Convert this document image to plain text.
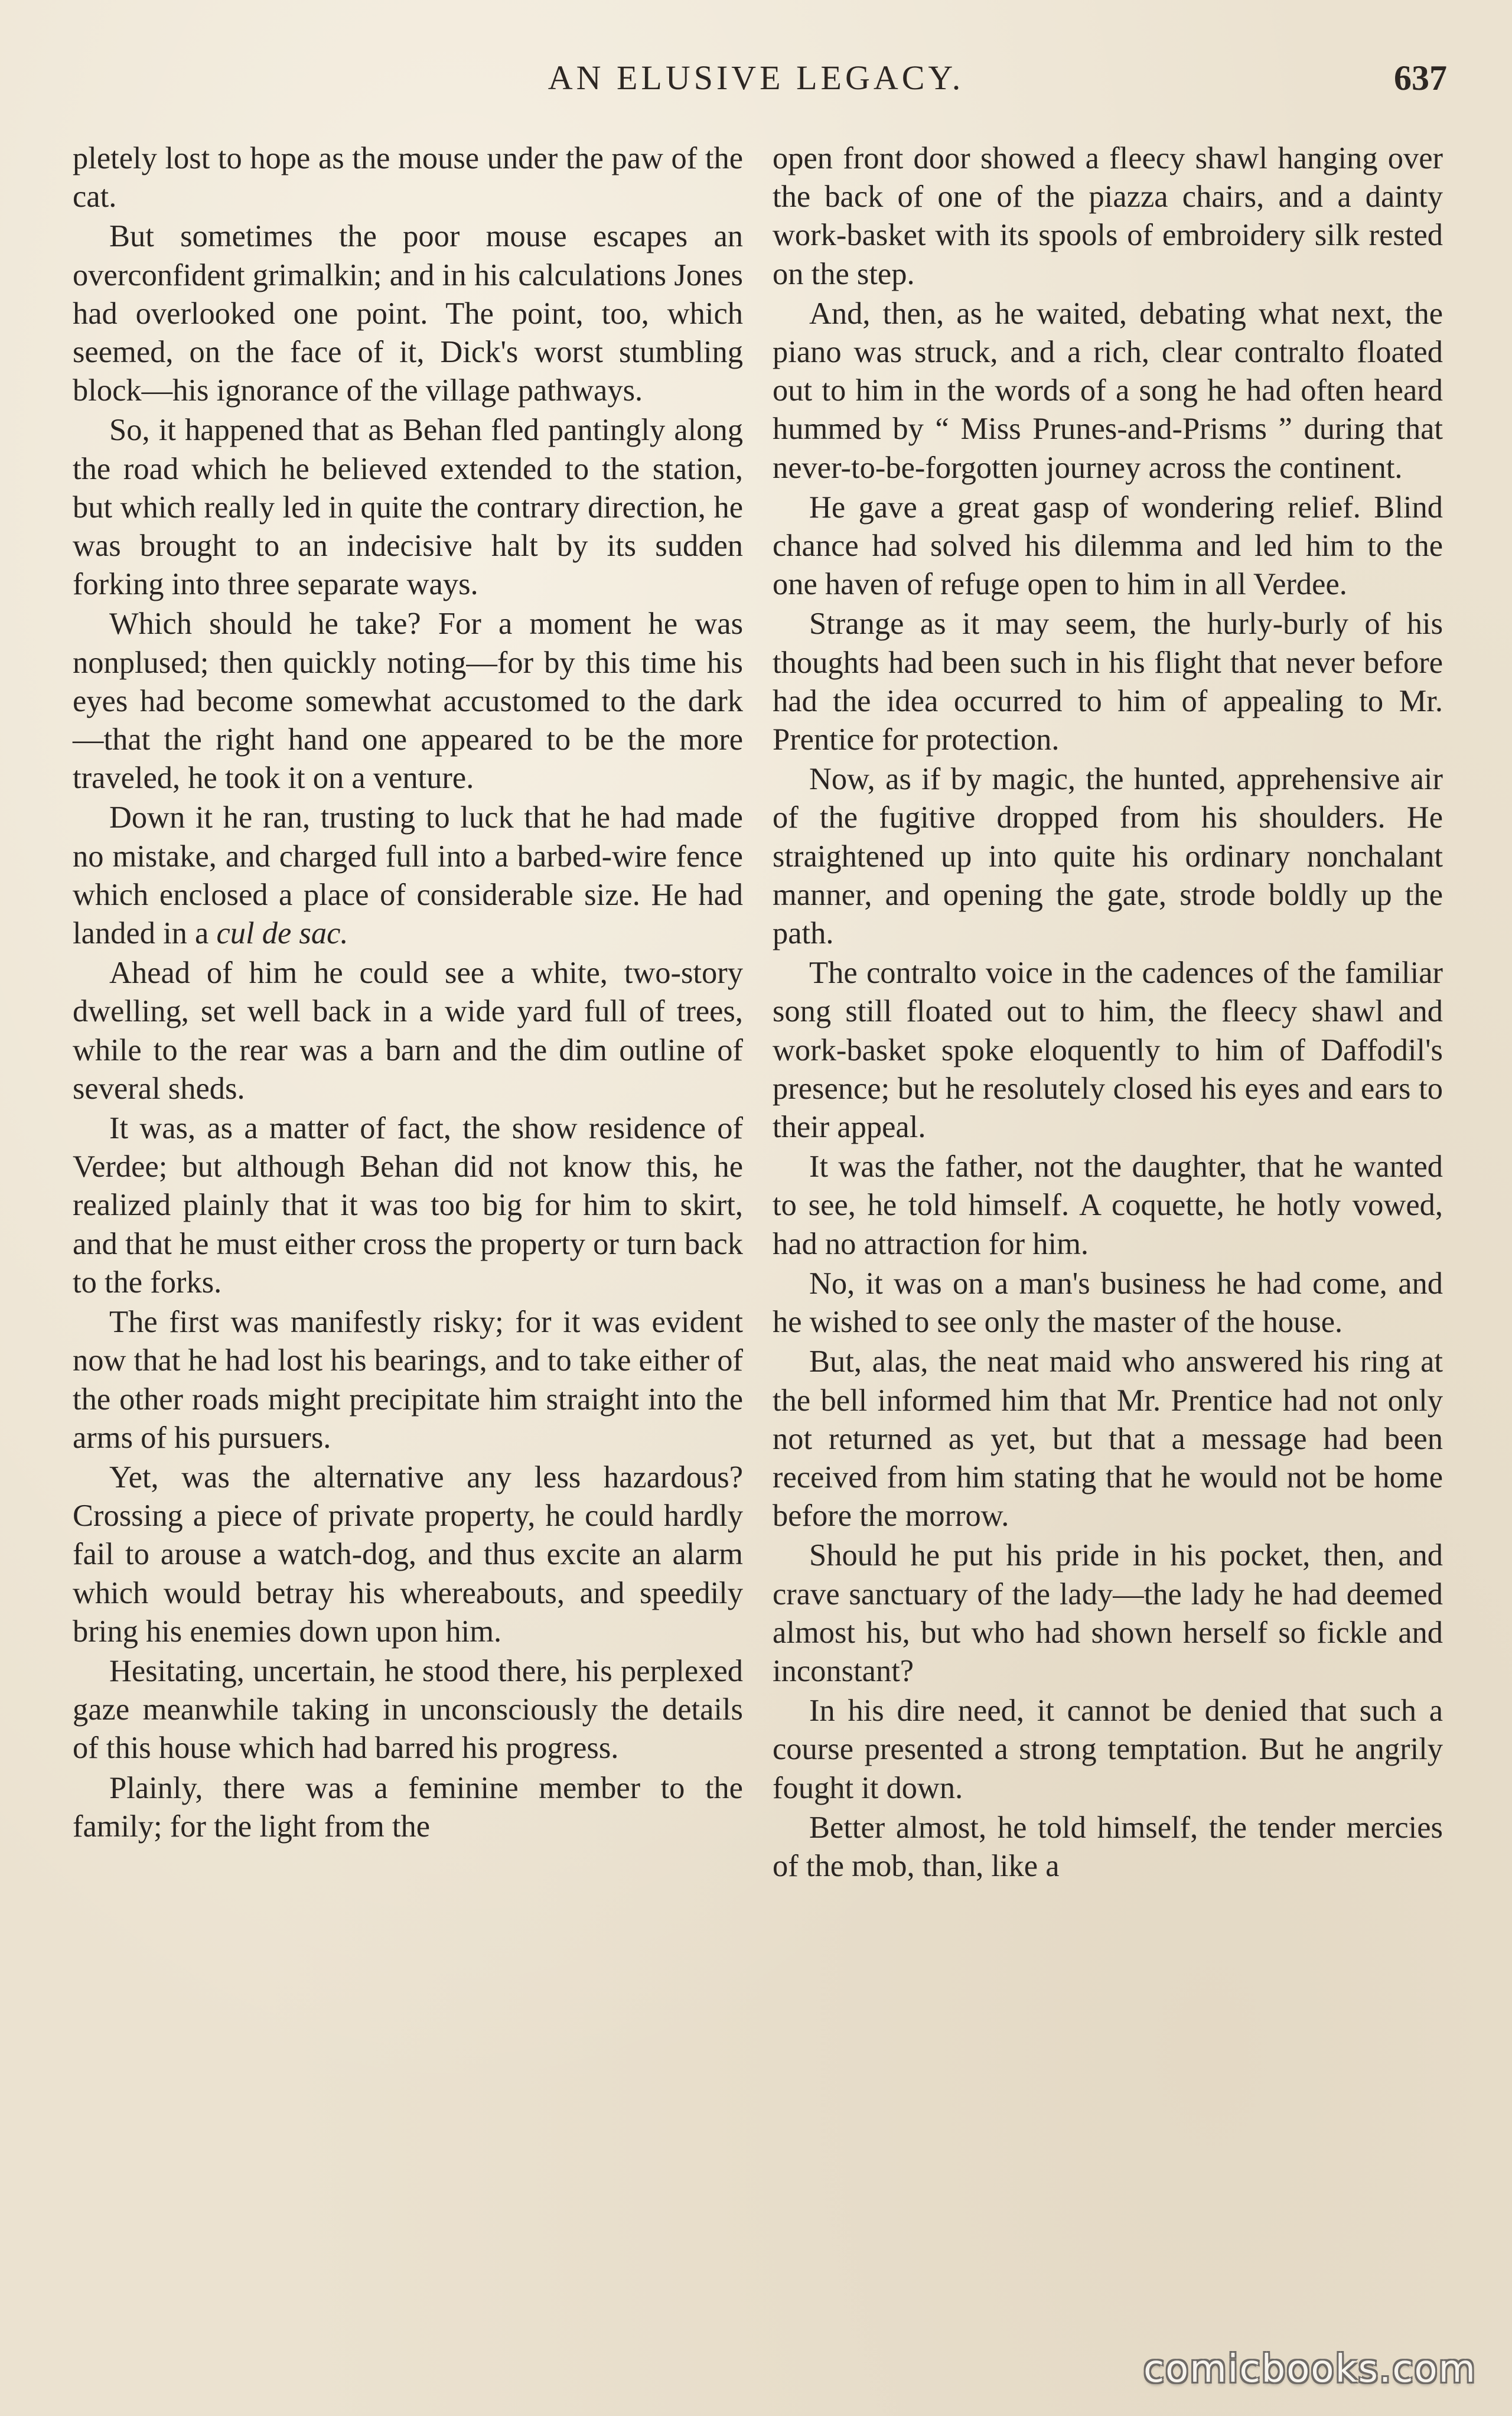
AN ELUSIVE LEGACY.	637

pletely lost to hope as the mouse under the paw of the cat.

But sometimes the poor mouse escapes an overconfident grimalkin; and in his calculations Jones had overlooked one point. The point, too, which seemed, on the face of it, Dick's worst stumbling block—his ignorance of the village pathways.

So, it happened that as Behan fled pantingly along the road which he believed extended to the station, but which really led in quite the contrary direction, he was brought to an indecisive halt by its sudden forking into three separate ways.

Which should he take? For a moment he was nonplused; then quickly noting—for by this time his eyes had become somewhat accustomed to the dark—that the right hand one appeared to be the more traveled, he took it on a venture.

Down it he ran, trusting to luck that he had made no mistake, and charged full into a barbed-wire fence which enclosed a place of considerable size. He had landed in a cul de sac.

Ahead of him he could see a white, two-story dwelling, set well back in a wide yard full of trees, while to the rear was a barn and the dim outline of several sheds.

It was, as a matter of fact, the show residence of Verdee; but although Behan did not know this, he realized plainly that it was too big for him to skirt, and that he must either cross the property or turn back to the forks.

The first was manifestly risky; for it was evident now that he had lost his bearings, and to take either of the other roads might precipitate him straight into the arms of his pursuers.

Yet, was the alternative any less hazardous? Crossing a piece of private property, he could hardly fail to arouse a watch-dog, and thus excite an alarm which would betray his whereabouts, and speedily bring his enemies down upon him.

Hesitating, uncertain, he stood there, his perplexed gaze meanwhile taking in unconsciously the details of this house which had barred his progress.

Plainly, there was a feminine member to the family; for the light from the

open front door showed a fleecy shawl hanging over the back of one of the piazza chairs, and a dainty work-basket with its spools of embroidery silk rested on the step.

And, then, as he waited, debating what next, the piano was struck, and a rich, clear contralto floated out to him in the words of a song he had often heard hummed by “ Miss Prunes-and-Prisms ” during that never-to-be-forgotten journey across the continent.

He gave a great gasp of wondering relief. Blind chance had solved his dilemma and led him to the one haven of refuge open to him in all Verdee.

Strange as it may seem, the hurly-burly of his thoughts had been such in his flight that never before had the idea occurred to him of appealing to Mr. Prentice for protection.

Now, as if by magic, the hunted, apprehensive air of the fugitive dropped from his shoulders. He straightened up into quite his ordinary nonchalant manner, and opening the gate, strode boldly up the path.

The contralto voice in the cadences of the familiar song still floated out to him, the fleecy shawl and work-basket spoke eloquently to him of Daffodil's presence; but he resolutely closed his eyes and ears to their appeal.

It was the father, not the daughter, that he wanted to see, he told himself. A coquette, he hotly vowed, had no attraction for him.

No, it was on a man's business he had come, and he wished to see only the master of the house.

But, alas, the neat maid who answered his ring at the bell informed him that Mr. Prentice had not only not returned as yet, but that a message had been received from him stating that he would not be home before the morrow.

Should he put his pride in his pocket, then, and crave sanctuary of the lady—the lady he had deemed almost his, but who had shown herself so fickle and inconstant?

In his dire need, it cannot be denied that such a course presented a strong temptation. But he angrily fought it down.

Better almost, he told himself, the tender mercies of the mob, than, like a

comicbooks.com
